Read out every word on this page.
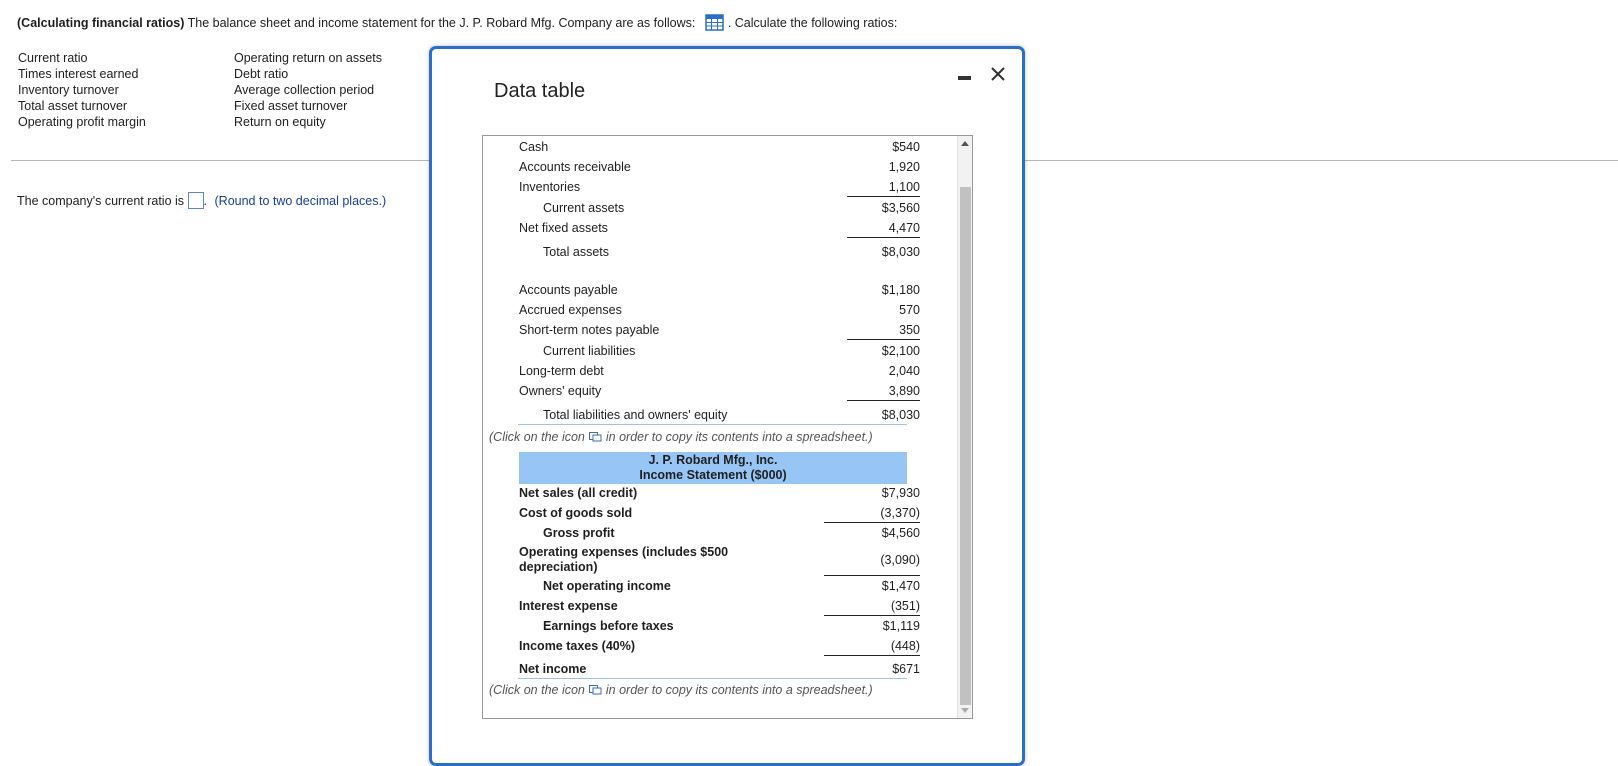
(Calculating financial ratios) The balance sheet and income statement for the J. P. Robard Mfg. Company are as follows:	. Calculate the following ratios:
Current ratio
Times interest earned
Inventory turnover
Total asset turnover
Operating profit margin
Operating return on assets
Debt ratio
Average collection period
Fixed asset turnover
Return on equity
The company's current ratio is . (Round to two decimal places.)
Data table
Cash	$540
Accounts receivable	1,920
Inventories	1,100
Current assets	$3,560
Net fixed assets	4,470
Total assets	$8,030
Accounts payable	$1,180
Accrued expenses	570
Short-term notes payable	350
Current liabilities	$2,100
Long-term debt	2,040
Owners' equity	3,890
Total liabilities and owners' equity	$8,030
(Click on the icon in order to copy its contents into a spreadsheet.)
J. P. Robard Mfg., Inc.
Income Statement ($000)
Net sales (all credit)	$7,930
Cost of goods sold	(3,370)
Gross profit	$4,560
Operating expenses (includes $500
depreciation)	(3,090)
Net operating income	$1,470
Interest expense	(351)
Earnings before taxes	$1,119
Income taxes (40%)	(448)
Net income	$671
(Click on the icon in order to copy its contents into a spreadsheet.)
